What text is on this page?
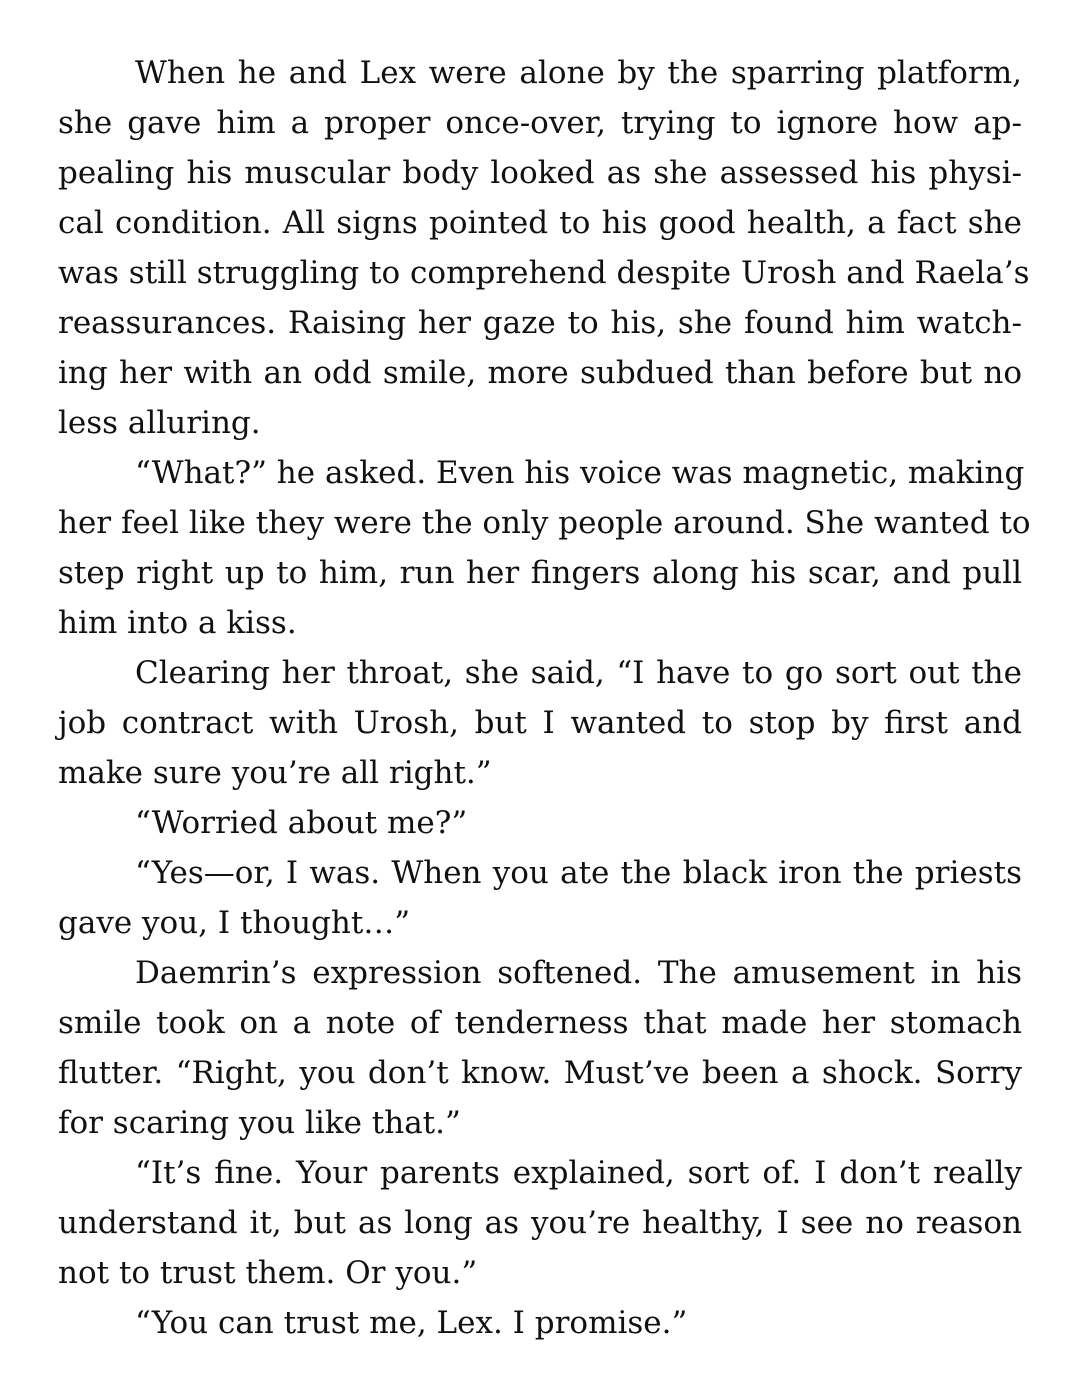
When he and Lex were alone by the sparring platform,
she gave him a proper once-over, trying to ignore how ap-
pealing his muscular body looked as she assessed his physi-
cal condition. All signs pointed to his good health, a fact she
was still struggling to comprehend despite Urosh and Raela’s
reassurances. Raising her gaze to his, she found him watch-
ing her with an odd smile, more subdued than before but no
less alluring.
“What?” he asked. Even his voice was magnetic, making
her feel like they were the only people around. She wanted to
step right up to him, run her fingers along his scar, and pull
him into a kiss.
Clearing her throat, she said, “I have to go sort out the
job contract with Urosh, but I wanted to stop by first and
make sure you’re all right.”
“Worried about me?”
“Yes—or, I was. When you ate the black iron the priests
gave you, I thought…”
Daemrin’s expression softened. The amusement in his
smile took on a note of tenderness that made her stomach
flutter. “Right, you don’t know. Must’ve been a shock. Sorry
for scaring you like that.”
“It’s fine. Your parents explained, sort of. I don’t really
understand it, but as long as you’re healthy, I see no reason
not to trust them. Or you.”
“You can trust me, Lex. I promise.”
